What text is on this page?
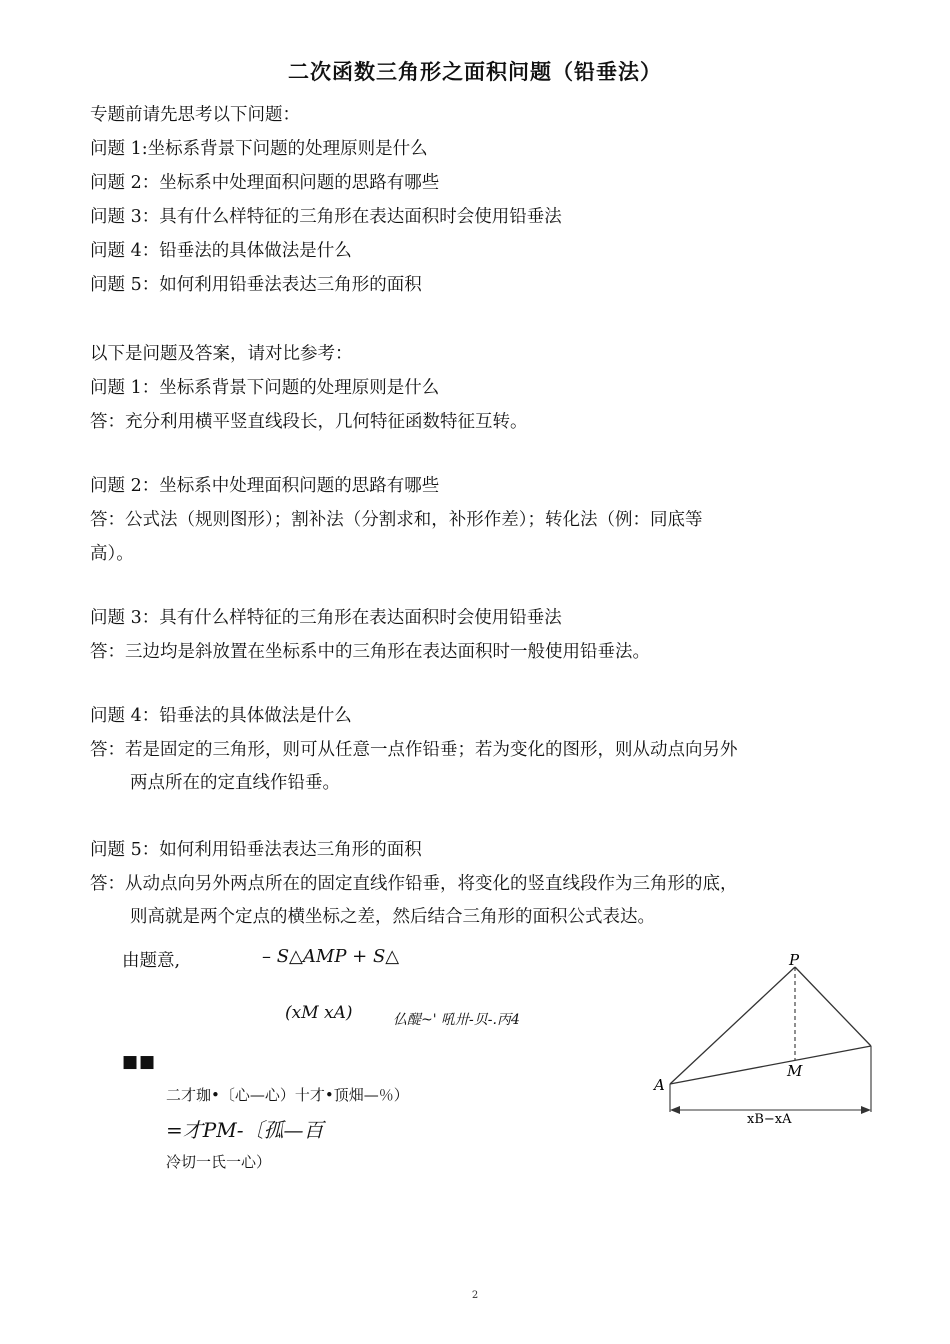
二次函数三角形之面积问题（铅垂法）
专题前请先思考以下问题：
问题 1:坐标系背景下问题的处理原则是什么
问题 2：坐标系中处理面积问题的思路有哪些
问题 3：具有什么样特征的三角形在表达面积时会使用铅垂法
问题 4：铅垂法的具体做法是什么
问题 5：如何利用铅垂法表达三角形的面积
以下是问题及答案，请对比参考：
问题 1：坐标系背景下问题的处理原则是什么
答：充分利用横平竖直线段长，几何特征函数特征互转。
问题 2：坐标系中处理面积问题的思路有哪些
答：公式法（规则图形）；割补法（分割求和，补形作差）；转化法（例：同底等
高）。
问题 3：具有什么样特征的三角形在表达面积时会使用铅垂法
答：三边均是斜放置在坐标系中的三角形在表达面积时一般使用铅垂法。
问题 4：铅垂法的具体做法是什么
答：若是固定的三角形，则可从任意一点作铅垂；若为变化的图形，则从动点向另外
两点所在的定直线作铅垂。
问题 5：如何利用铅垂法表达三角形的面积
答：从动点向另外两点所在的固定直线作铅垂，将变化的竖直线段作为三角形的底，
则高就是两个定点的横坐标之差，然后结合三角形的面积公式表达。
由题意,	– S△AMP + S△
(xM xA)	仏醍~' 吼卅-贝-.丙4
■■
二才珈•〔心—心）十才•顶畑—％）
=才PM-〔孤—百
冷切一氏一心）
P
A
M
xB−xA
2
